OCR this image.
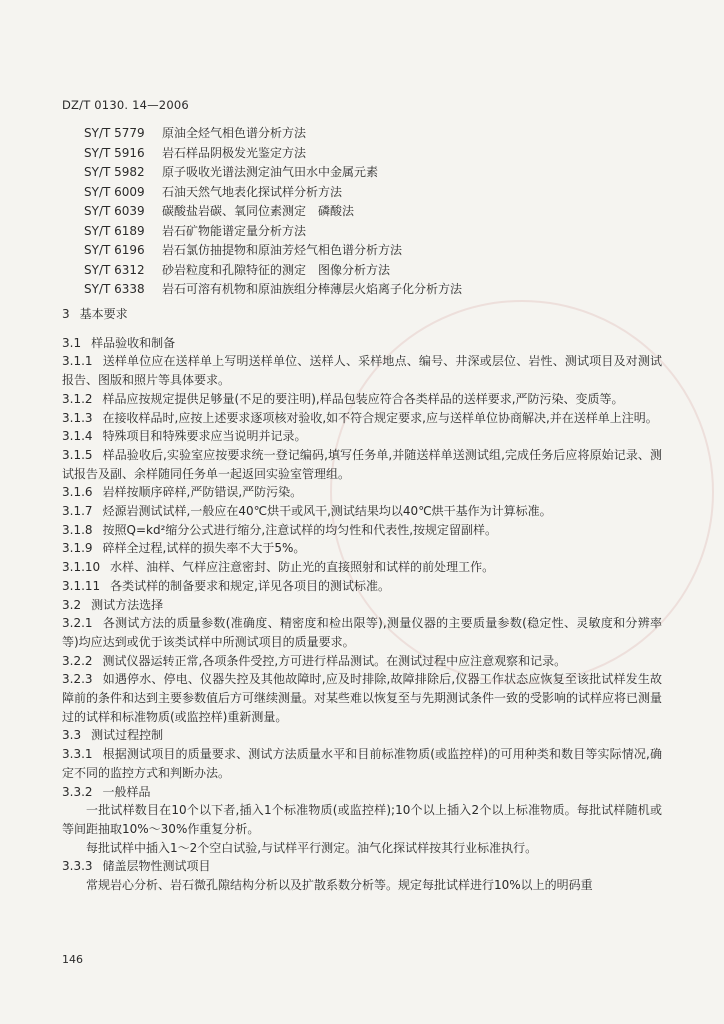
DZ/T 0130. 14—2006
SY/T 5779 原油全烃气相色谱分析方法
SY/T 5916 岩石样品阴极发光鉴定方法
SY/T 5982 原子吸收光谱法测定油气田水中金属元素
SY/T 6009 石油天然气地表化探试样分析方法
SY/T 6039 碳酸盐岩碳、氧同位素测定　磷酸法
SY/T 6189 岩石矿物能谱定量分析方法
SY/T 6196 岩石氯仿抽提物和原油芳烃气相色谱分析方法
SY/T 6312 砂岩粒度和孔隙特征的测定　图像分析方法
SY/T 6338 岩石可溶有机物和原油族组分棒薄层火焰离子化分析方法
3 基本要求
3.1 样品验收和制备
3.1.1 送样单位应在送样单上写明送样单位、送样人、采样地点、编号、井深或层位、岩性、测试项目及对测试报告、图版和照片等具体要求。
3.1.2 样品应按规定提供足够量(不足的要注明),样品包装应符合各类样品的送样要求,严防污染、变质等。
3.1.3 在接收样品时,应按上述要求逐项核对验收,如不符合规定要求,应与送样单位协商解决,并在送样单上注明。
3.1.4 特殊项目和特殊要求应当说明并记录。
3.1.5 样品验收后,实验室应按要求统一登记编码,填写任务单,并随送样单送测试组,完成任务后应将原始记录、测试报告及副、余样随同任务单一起返回实验室管理组。
3.1.6 岩样按顺序碎样,严防错误,严防污染。
3.1.7 烃源岩测试试样,一般应在40℃烘干或风干,测试结果均以40℃烘干基作为计算标准。
3.1.8 按照Q=kd²缩分公式进行缩分,注意试样的均匀性和代表性,按规定留副样。
3.1.9 碎样全过程,试样的损失率不大于5%。
3.1.10 水样、油样、气样应注意密封、防止光的直接照射和试样的前处理工作。
3.1.11 各类试样的制备要求和规定,详见各项目的测试标准。
3.2 测试方法选择
3.2.1 各测试方法的质量参数(准确度、精密度和检出限等),测量仪器的主要质量参数(稳定性、灵敏度和分辨率等)均应达到或优于该类试样中所测试项目的质量要求。
3.2.2 测试仪器运转正常,各项条件受控,方可进行样品测试。在测试过程中应注意观察和记录。
3.2.3 如遇停水、停电、仪器失控及其他故障时,应及时排除,故障排除后,仪器工作状态应恢复至该批试样发生故障前的条件和达到主要参数值后方可继续测量。对某些难以恢复至与先期测试条件一致的受影响的试样应将已测量过的试样和标准物质(或监控样)重新测量。
3.3 测试过程控制
3.3.1 根据测试项目的质量要求、测试方法质量水平和目前标准物质(或监控样)的可用种类和数目等实际情况,确定不同的监控方式和判断办法。
3.3.2 一般样品
一批试样数目在10个以下者,插入1个标准物质(或监控样);10个以上插入2个以上标准物质。每批试样随机或等间距抽取10%～30%作重复分析。
每批试样中插入1～2个空白试验,与试样平行测定。油气化探试样按其行业标准执行。
3.3.3 储盖层物性测试项目
常规岩心分析、岩石微孔隙结构分析以及扩散系数分析等。规定每批试样进行10%以上的明码重
146
